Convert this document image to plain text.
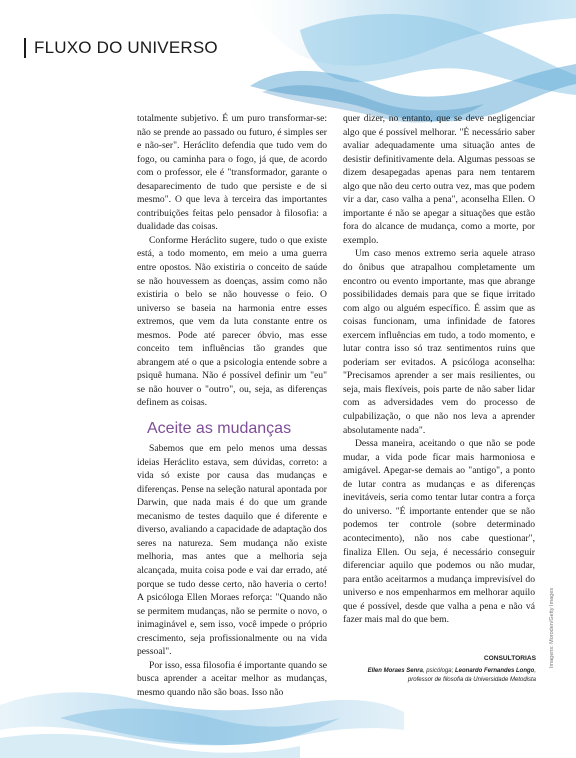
FLUXO DO UNIVERSO

totalmente subjetivo. É um puro transformar-se: não se prende ao passado ou futuro, é simples ser e não-ser". Heráclito defendia que tudo vem do fogo, ou caminha para o fogo, já que, de acordo com o professor, ele é "transformador, garante o desaparecimento de tudo que persiste e de si mesmo". O que leva à terceira das importantes contribuições feitas pelo pensador à filosofia: a dualidade das coisas.

Conforme Heráclito sugere, tudo o que existe está, a todo momento, em meio a uma guerra entre opostos. Não existiria o conceito de saúde se não houvessem as doenças, assim como não existiria o belo se não houvesse o feio. O universo se baseia na harmonia entre esses extremos, que vem da luta constante entre os mesmos. Pode até parecer óbvio, mas esse conceito tem influências tão grandes que abrangem até o que a psicologia entende sobre a psiquê humana. Não é possível definir um "eu" se não houver o "outro", ou, seja, as diferenças definem as coisas.

Aceite as mudanças

Sabemos que em pelo menos uma dessas ideias Heráclito estava, sem dúvidas, correto: a vida só existe por causa das mudanças e diferenças. Pense na seleção natural apontada por Darwin, que nada mais é do que um grande mecanismo de testes daquilo que é diferente e diverso, avaliando a capacidade de adaptação dos seres na natureza. Sem mudança não existe melhoria, mas antes que a melhoria seja alcançada, muita coisa pode e vai dar errado, até porque se tudo desse certo, não haveria o certo! A psicóloga Ellen Moraes reforça: "Quando não se permitem mudanças, não se permite o novo, o inimaginável e, sem isso, você impede o próprio crescimento, seja profissionalmente ou na vida pessoal".

Por isso, essa filosofia é importante quando se busca aprender a aceitar melhor as mudanças, mesmo quando não são boas. Isso não

quer dizer, no entanto, que se deve negligenciar algo que é possível melhorar. "É necessário saber avaliar adequadamente uma situação antes de desistir definitivamente dela. Algumas pessoas se dizem desapegadas apenas para nem tentarem algo que não deu certo outra vez, mas que podem vir a dar, caso valha a pena", aconselha Ellen. O importante é não se apegar a situações que estão fora do alcance de mudança, como a morte, por exemplo.

Um caso menos extremo seria aquele atraso do ônibus que atrapalhou completamente um encontro ou evento importante, mas que abrange possibilidades demais para que se fique irritado com algo ou alguém específico. É assim que as coisas funcionam, uma infinidade de fatores exercem influências em tudo, a todo momento, e lutar contra isso só traz sentimentos ruins que poderiam ser evitados. A psicóloga aconselha: "Precisamos aprender a ser mais resilientes, ou seja, mais flexíveis, pois parte de não saber lidar com as adversidades vem do processo de culpabilização, o que não nos leva a aprender absolutamente nada".

Dessa maneira, aceitando o que não se pode mudar, a vida pode ficar mais harmoniosa e amigável. Apegar-se demais ao "antigo", a ponto de lutar contra as mudanças e as diferenças inevitáveis, seria como tentar lutar contra a força do universo. "É importante entender que se não podemos ter controle (sobre determinado acontecimento), não nos cabe questionar", finaliza Ellen. Ou seja, é necessário conseguir diferenciar aquilo que podemos ou não mudar, para então aceitarmos a mudança imprevisível do universo e nos empenharmos em melhorar aquilo que é possível, desde que valha a pena e não vá fazer mais mal do que bem.

CONSULTORIAS
Ellen Moraes Senra, psicóloga; Leonardo Fernandes Longo,
professor de filosofia da Universidade Metodista
Imagens: Moroden/Getty Images
